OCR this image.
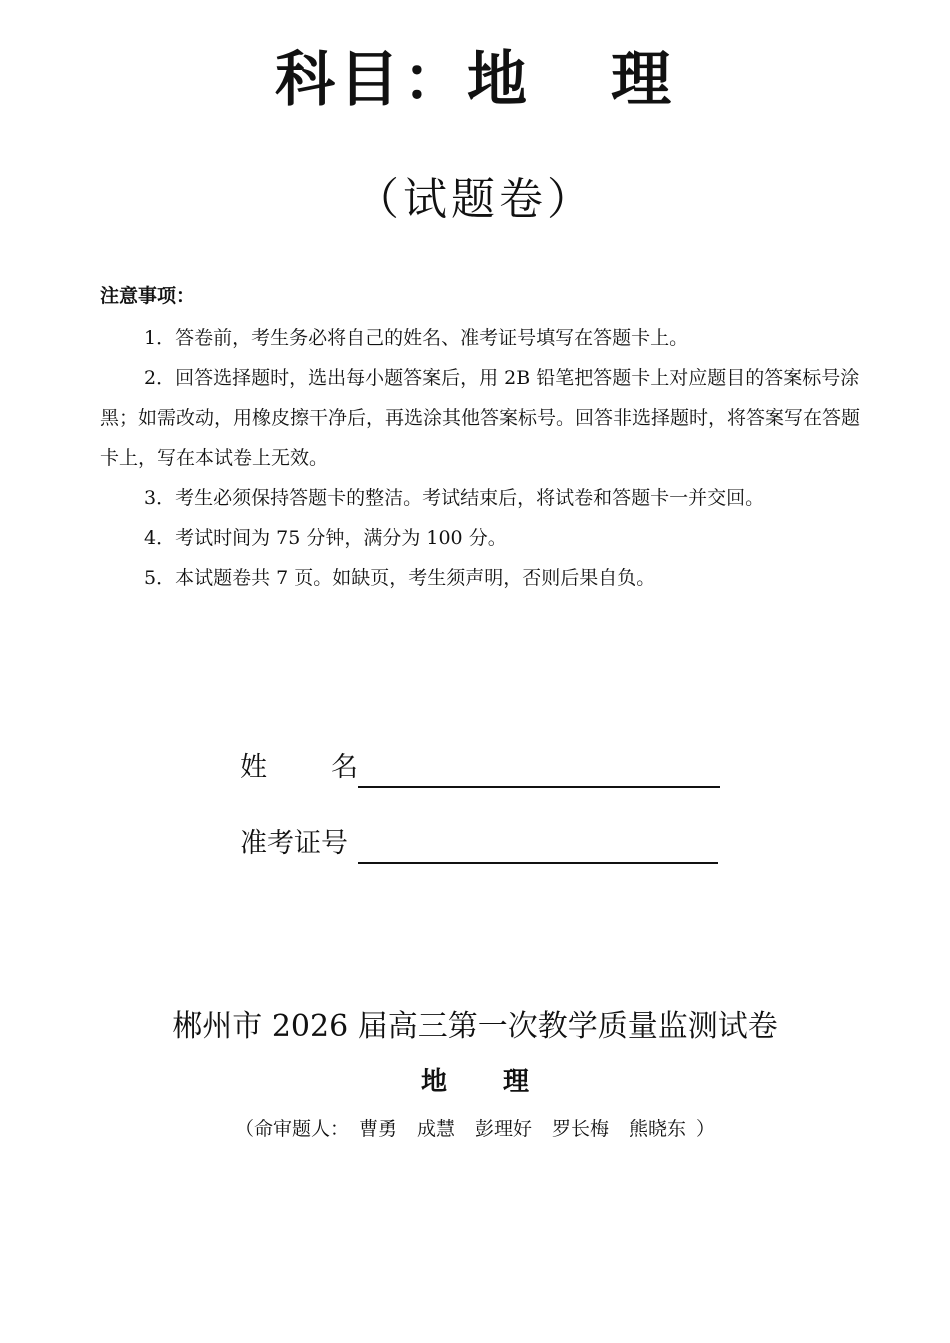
科目：地 理
（试题卷）
注意事项：

1．答卷前，考生务必将自己的姓名、准考证号填写在答题卡上。

2．回答选择题时，选出每小题答案后，用 2B 铅笔把答题卡上对应题目的答案标号涂黑；如需改动，用橡皮擦干净后，再选涂其他答案标号。回答非选择题时，将答案写在答题卡上，写在本试卷上无效。

3．考生必须保持答题卡的整洁。考试结束后，将试卷和答题卡一并交回。

4．考试时间为 75 分钟，满分为 100 分。

5．本试题卷共 7 页。如缺页，考生须声明，否则后果自负。

姓 名
准考证号
郴州市 2026 届高三第一次教学质量监测试卷
地 理
（命审题人： 曹勇 成慧 彭理好 罗长梅 熊晓东 ）
